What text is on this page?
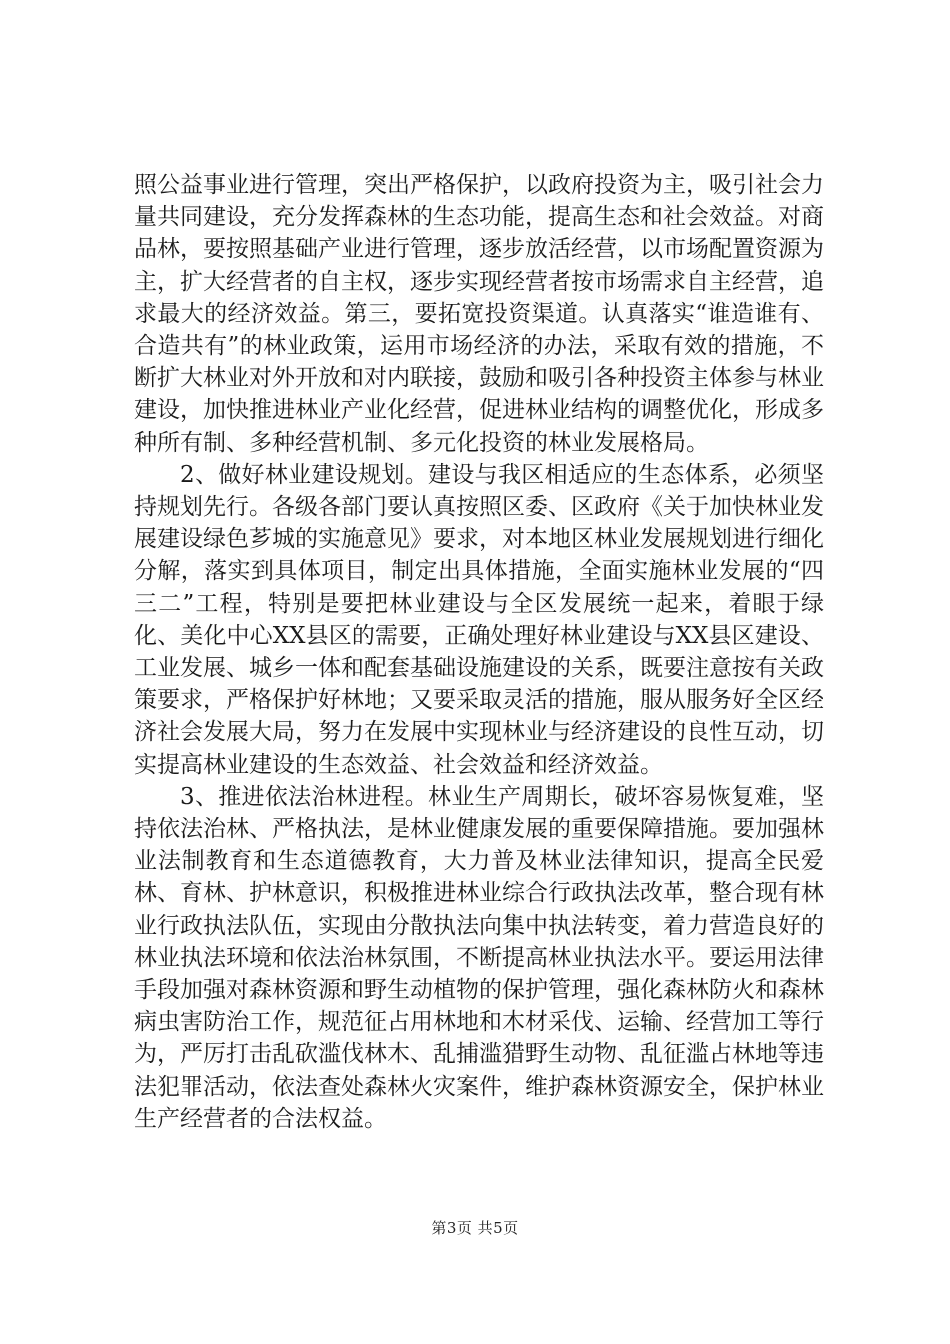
照公益事业进行管理，突出严格保护，以政府投资为主，吸引社会力量共同建设，充分发挥森林的生态功能，提高生态和社会效益。对商品林，要按照基础产业进行管理，逐步放活经营，以市场配置资源为主，扩大经营者的自主权，逐步实现经营者按市场需求自主经营，追求最大的经济效益。第三，要拓宽投资渠道。认真落实“谁造谁有、合造共有”的林业政策，运用市场经济的办法，采取有效的措施，不断扩大林业对外开放和对内联接，鼓励和吸引各种投资主体参与林业建设，加快推进林业产业化经营，促进林业结构的调整优化，形成多种所有制、多种经营机制、多元化投资的林业发展格局。

2、做好林业建设规划。建设与我区相适应的生态体系，必须坚持规划先行。各级各部门要认真按照区委、区政府《关于加快林业发展建设绿色芗城的实施意见》要求，对本地区林业发展规划进行细化分解，落实到具体项目，制定出具体措施，全面实施林业发展的“四三二”工程，特别是要把林业建设与全区发展统一起来，着眼于绿化、美化中心XX县区的需要，正确处理好林业建设与XX县区建设、工业发展、城乡一体和配套基础设施建设的关系，既要注意按有关政策要求，严格保护好林地；又要采取灵活的措施，服从服务好全区经济社会发展大局，努力在发展中实现林业与经济建设的良性互动，切实提高林业建设的生态效益、社会效益和经济效益。

3、推进依法治林进程。林业生产周期长，破坏容易恢复难，坚持依法治林、严格执法，是林业健康发展的重要保障措施。要加强林业法制教育和生态道德教育，大力普及林业法律知识，提高全民爱林、育林、护林意识，积极推进林业综合行政执法改革，整合现有林业行政执法队伍，实现由分散执法向集中执法转变，着力营造良好的林业执法环境和依法治林氛围，不断提高林业执法水平。要运用法律手段加强对森林资源和野生动植物的保护管理，强化森林防火和森林病虫害防治工作，规范征占用林地和木材采伐、运输、经营加工等行为，严厉打击乱砍滥伐林木、乱捕滥猎野生动物、乱征滥占林地等违法犯罪活动，依法查处森林火灾案件，维护森林资源安全，保护林业生产经营者的合法权益。

第3页 共5页
